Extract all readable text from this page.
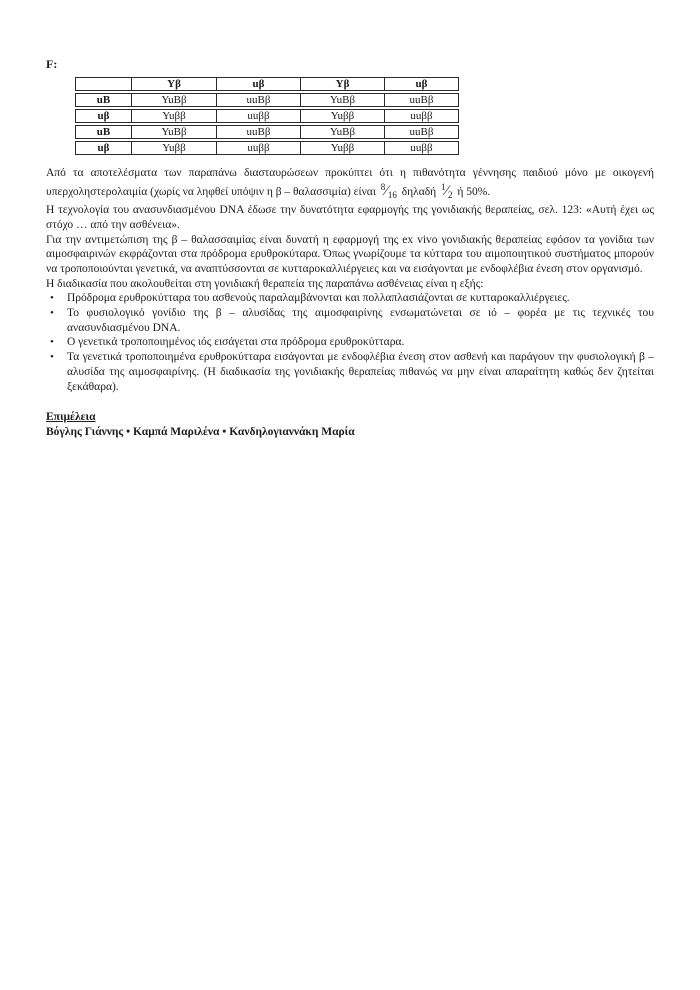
F:

	Yβ	uβ	Yβ	uβ
uB	YuBβ	uuBβ	YuBβ	uuBβ
uβ	Yuββ	uuββ	Yuββ	uuββ
uB	YuBβ	uuBβ	YuBβ	uuBβ
uβ	Yuββ	uuββ	Yuββ	uuββ

Από τα αποτελέσματα των παραπάνω διασταυρώσεων προκύπτει ότι η πιθανότητα γέννησης παιδιού μόνο με οικογενή υπερχοληστερολαιμία (χωρίς να ληφθεί υπόψιν η β – θαλασσιμία) είναι $^8⁄_{16}$ δηλαδή $^1⁄_2$ ή 50%.

Η τεχνολογία του ανασυνδιασμένου DNA έδωσε την δυνατότητα εφαρμογής της γονιδιακής θεραπείας, σελ. 123: «Αυτή έχει ως στόχο … από την ασθένεια».

Για την αντιμετώπιση της β – θαλασσαιμίας είναι δυνατή η εφαρμογή της ex vivo γονιδιακής θεραπείας εφόσον τα γονίδια των αιμοσφαιρινών εκφράζονται στα πρόδρομα ερυθροκύταρα. Όπως γνωρίζουμε τα κύτταρα του αιμοποιητικού συστήματος μπορούν να τροποποιούνται γενετικά, να αναπτύσσονται σε κυτταροκαλλιέργειες και να εισάγονται με ενδοφλέβια ένεση στον οργανισμό.

Η διαδικασία που ακολουθείται στη γονιδιακή θεραπεία της παραπάνω ασθένειας είναι η εξής:

• Πρόδρομα ερυθροκύτταρα του ασθενούς παραλαμβάνονται και πολλαπλασιάζονται σε κυτταροκαλλιέργειες.
• Το φυσιολογικό γονίδιο της β – αλυσίδας της αιμοσφαιρίνης ενσωματώνεται σε ιό – φορέα με τις τεχνικές του ανασυνδιασμένου DNA.
• Ο γενετικά τροποποιημένος ιός εισάγεται στα πρόδρομα ερυθροκύτταρα.
• Τα γενετικά τροποποιημένα ερυθροκύτταρα εισάγονται με ενδοφλέβια ένεση στον ασθενή και παράγουν την φυσιολογική β – αλυσίδα της αιμοσφαιρίνης. (Η διαδικασία της γονιδιακής θεραπείας πιθανώς να μην είναι απαραίτητη καθώς δεν ζητείται ξεκάθαρα).

Επιμέλεια

Βόγλης Γιάννης • Καμπά Μαριλένα • Κανδηλογιαννάκη Μαρία
